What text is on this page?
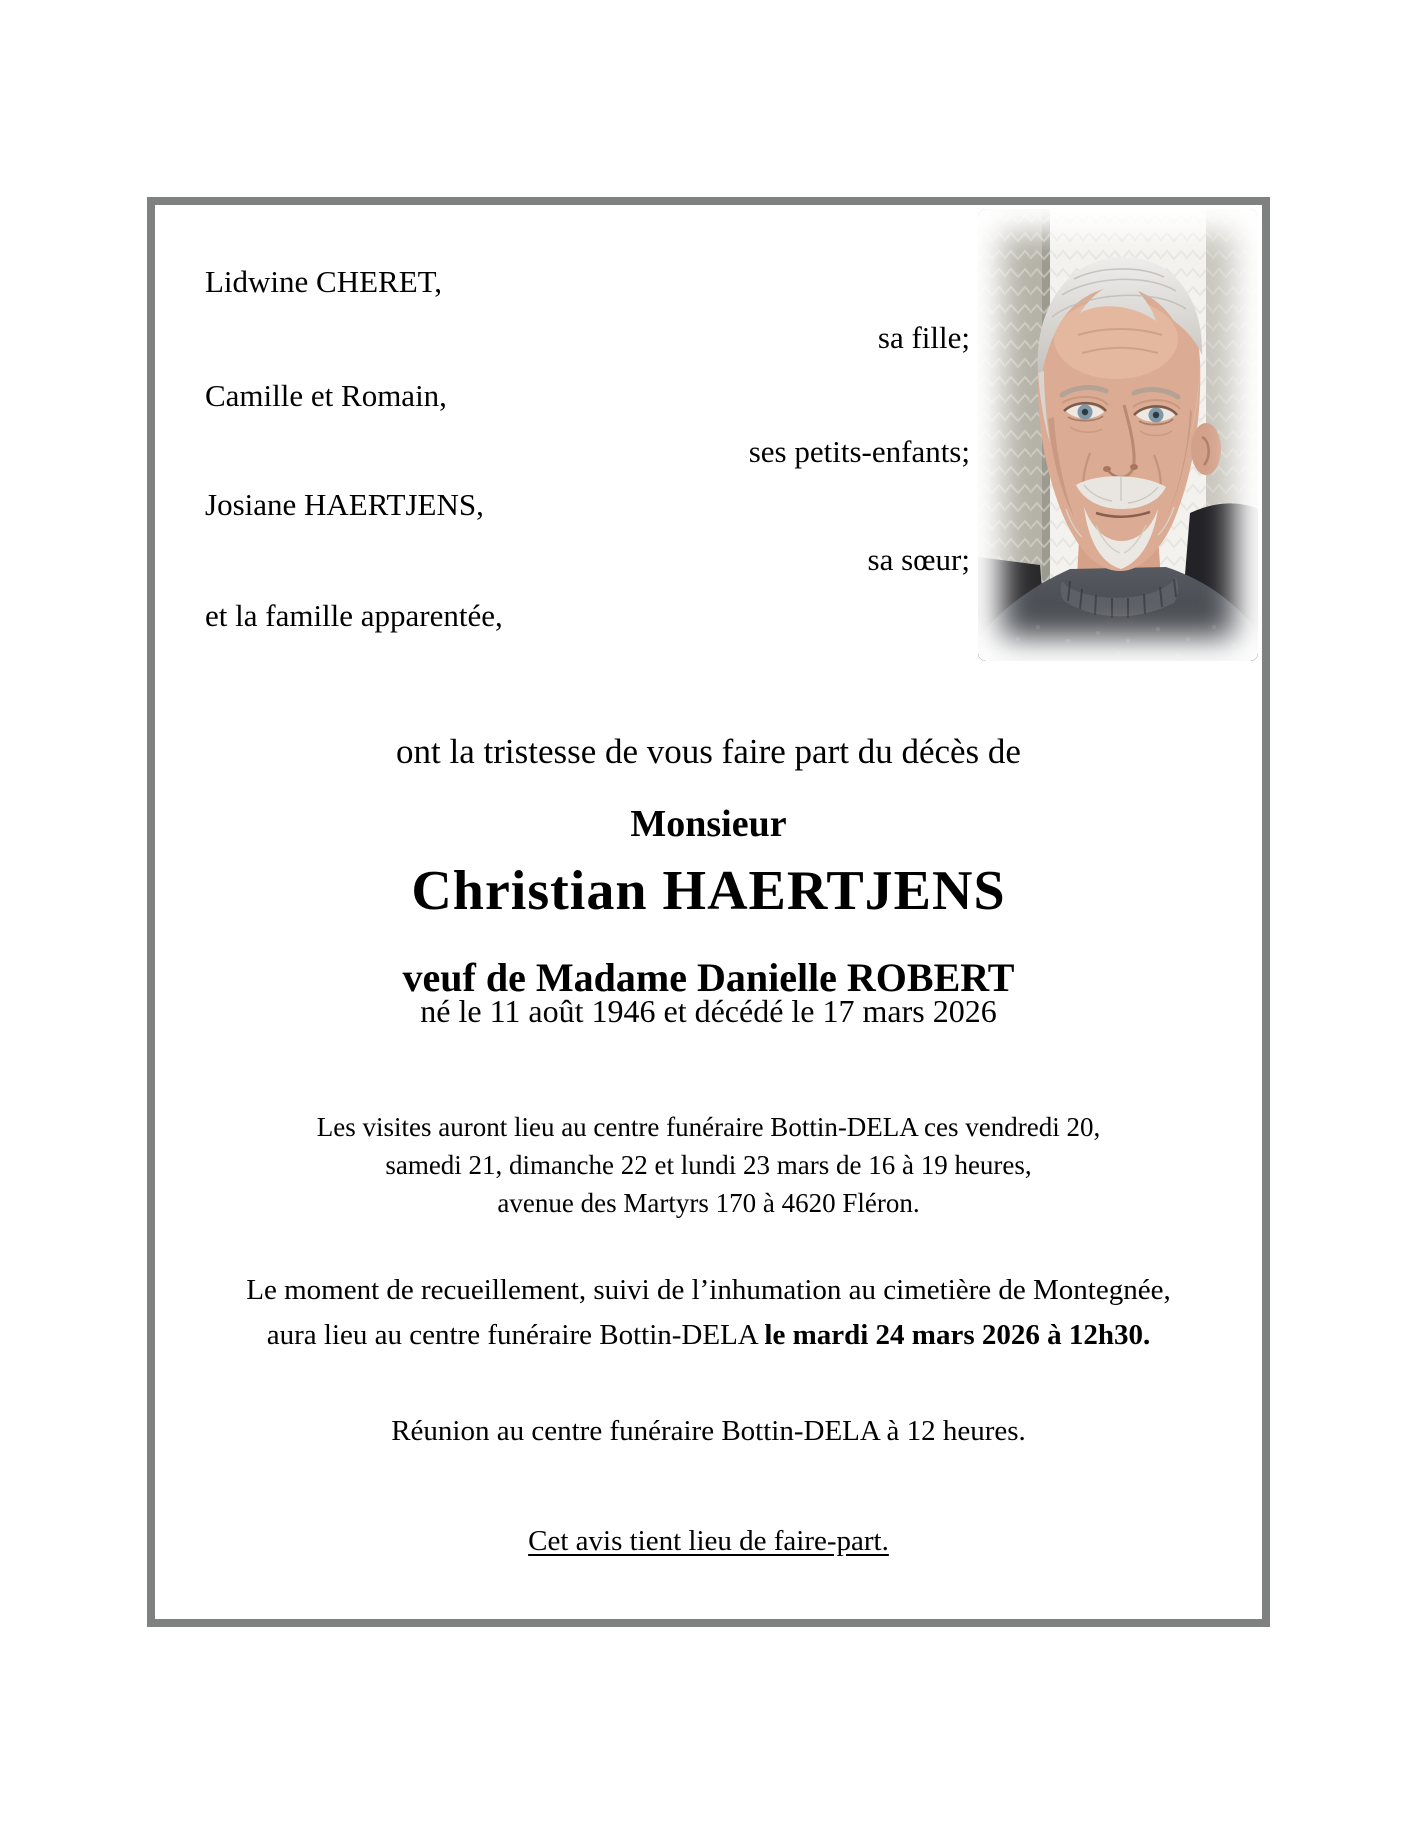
Lidwine CHERET,
sa fille;
Camille et Romain,
ses petits-enfants;
Josiane HAERTJENS,
sa sœur;
et la famille apparentée,
ont la tristesse de vous faire part du décès de
Monsieur
Christian HAERTJENS
veuf de Madame Danielle ROBERT
né le 11 août 1946 et décédé le 17 mars 2026
Les visites auront lieu au centre funéraire Bottin-DELA ces vendredi 20,
samedi 21, dimanche 22 et lundi 23 mars de 16 à 19 heures,
avenue des Martyrs 170 à 4620 Fléron.
Le moment de recueillement, suivi de l’inhumation au cimetière de Montegnée,
aura lieu au centre funéraire Bottin-DELA le mardi 24 mars 2026 à 12h30.
Réunion au centre funéraire Bottin-DELA à 12 heures.
Cet avis tient lieu de faire-part.
